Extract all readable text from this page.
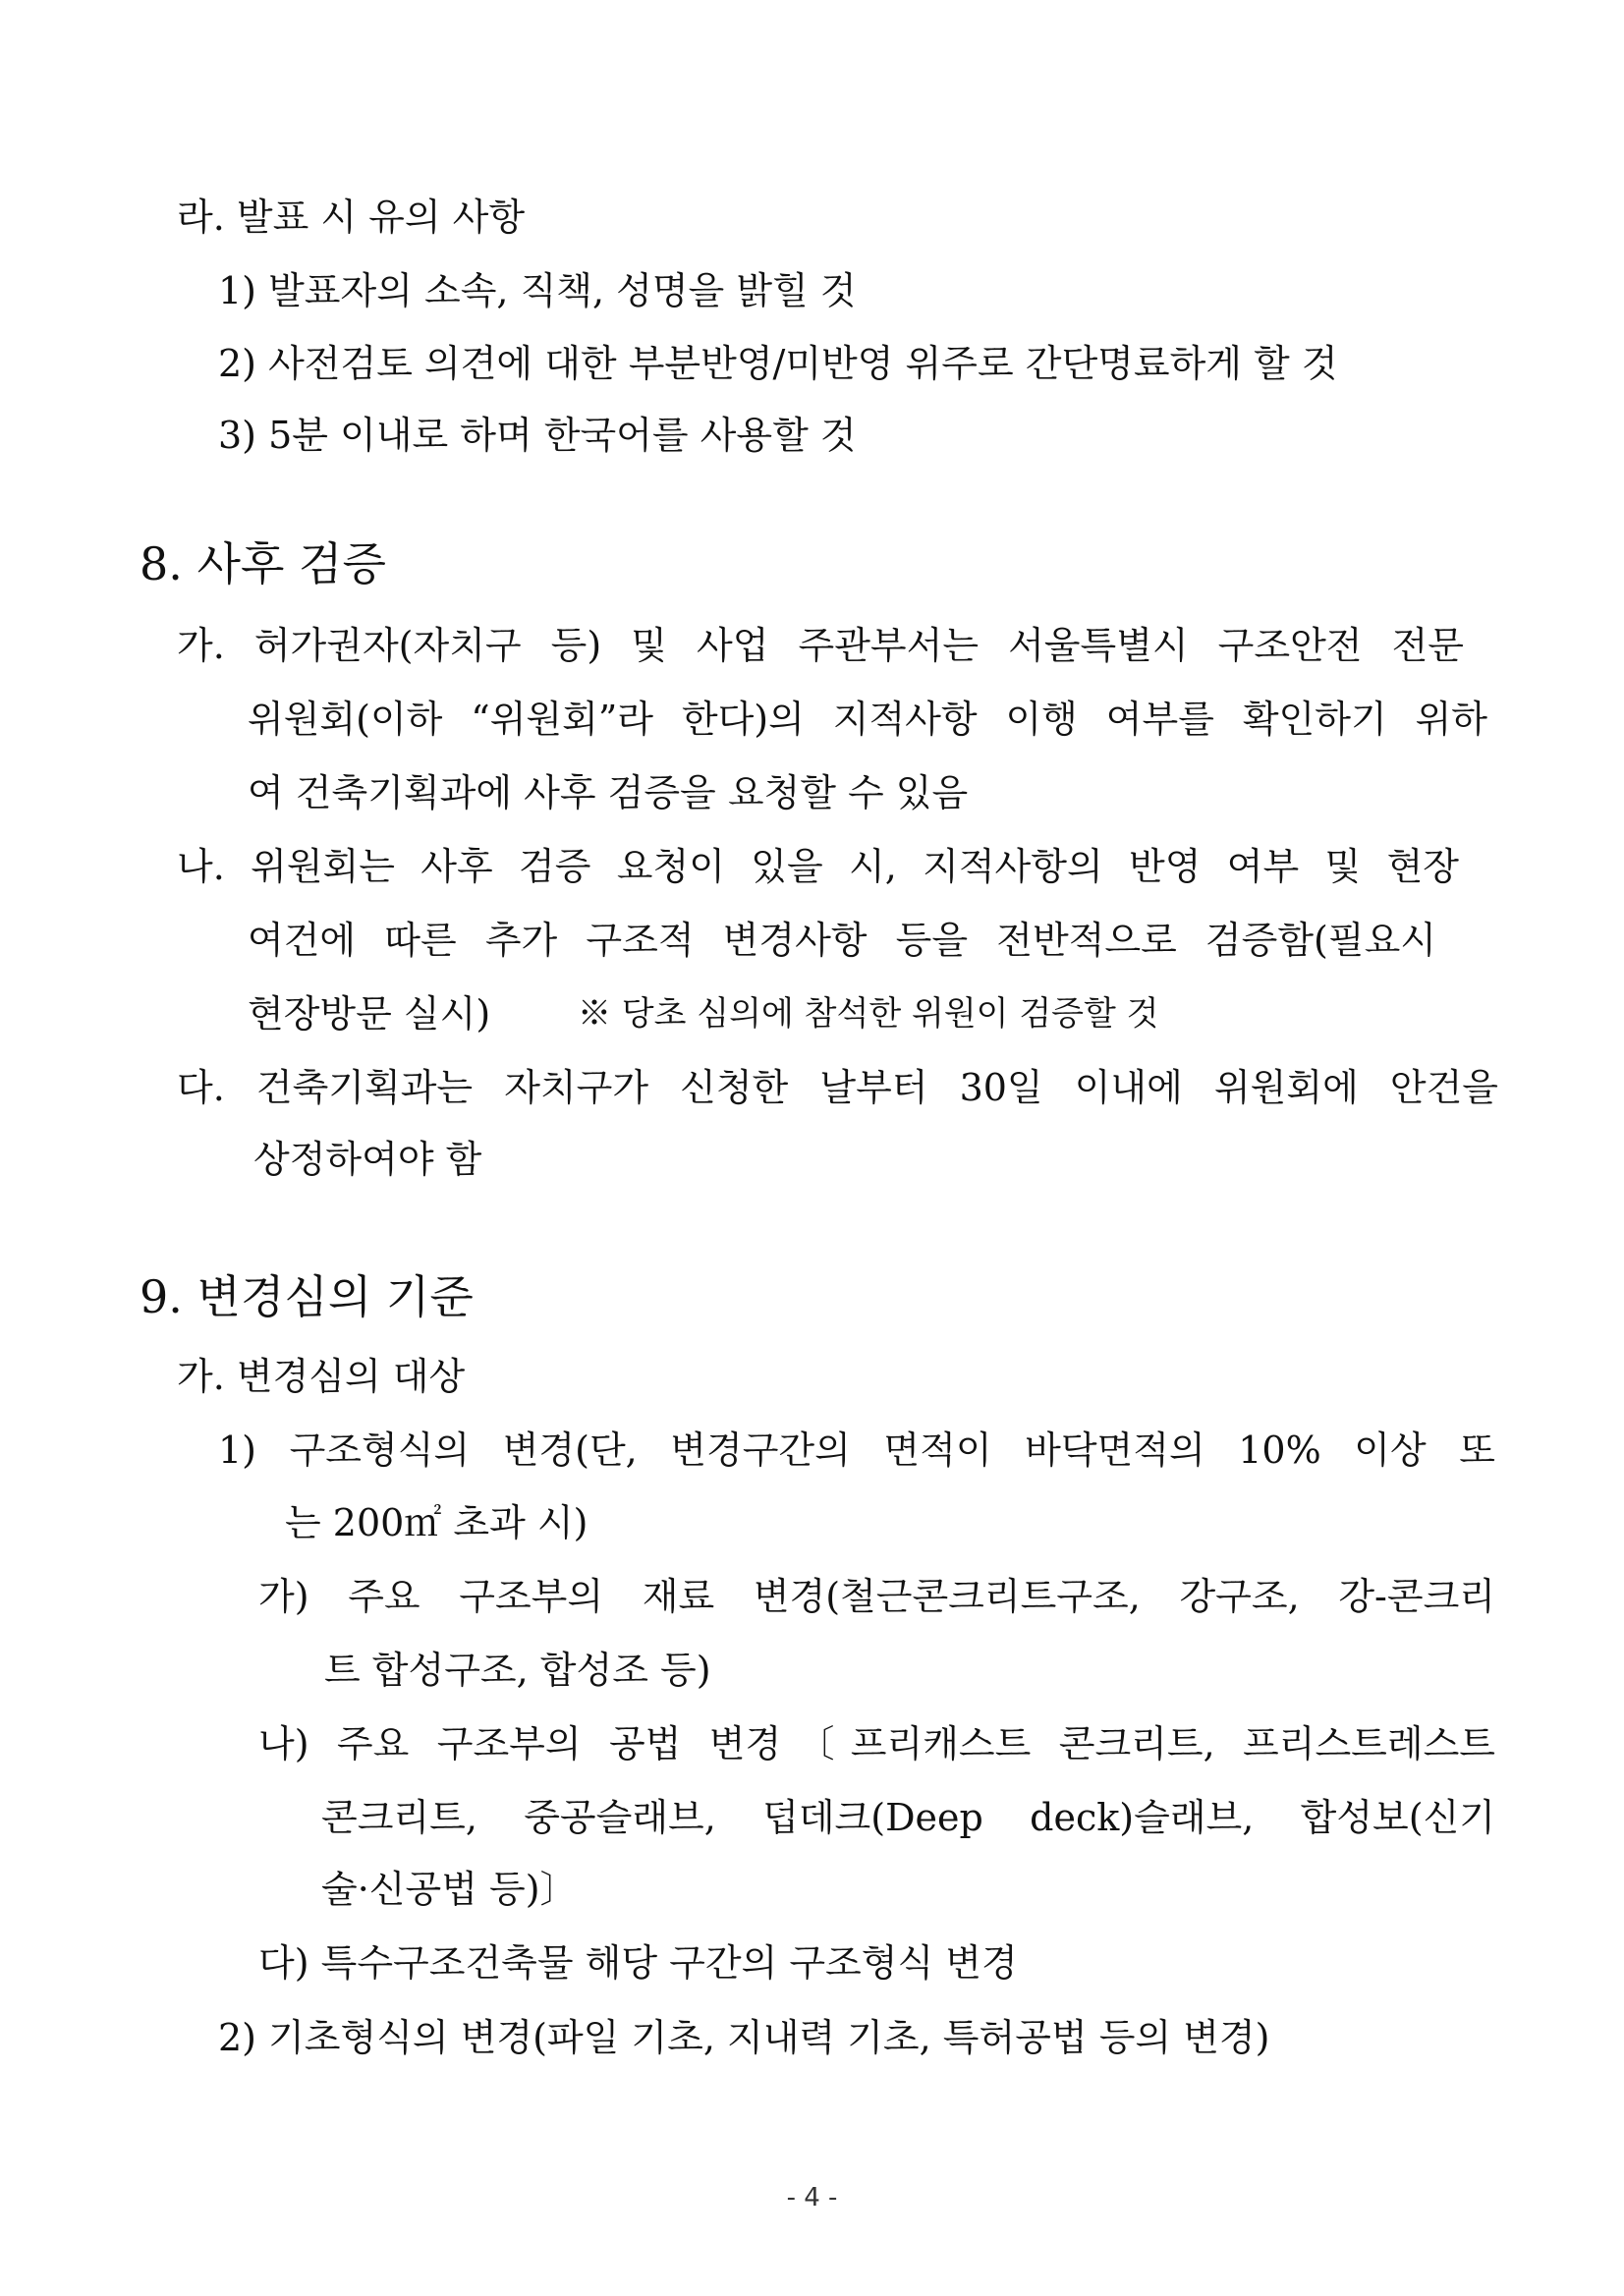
라. 발표 시 유의 사항
1) 발표자의 소속, 직책, 성명을 밝힐 것
2) 사전검토 의견에 대한 부분반영/미반영 위주로 간단명료하게 할 것
3) 5분 이내로 하며 한국어를 사용할 것
8. 사후 검증
가. 허가권자(자치구 등) 및 사업 주관부서는 서울특별시 구조안전 전문
위원회(이하 “위원회”라 한다)의 지적사항 이행 여부를 확인하기 위하
여 건축기획과에 사후 검증을 요청할 수 있음
나. 위원회는 사후 검증 요청이 있을 시, 지적사항의 반영 여부 및 현장
여건에 따른 추가 구조적 변경사항 등을 전반적으로 검증함(필요시
현장방문 실시)	※ 당초 심의에 참석한 위원이 검증할 것
다. 건축기획과는 자치구가 신청한 날부터 30일 이내에 위원회에 안건을
상정하여야 함
9. 변경심의 기준
가. 변경심의 대상
1) 구조형식의 변경(단, 변경구간의 면적이 바닥면적의 10% 이상 또
는 200㎡ 초과 시)
가) 주요 구조부의 재료 변경(철근콘크리트구조, 강구조, 강-콘크리
트 합성구조, 합성조 등)
나) 주요 구조부의 공법 변경〔프리캐스트 콘크리트, 프리스트레스트
콘크리트, 중공슬래브, 덥데크(Deep deck)슬래브, 합성보(신기
술·신공법 등)〕
다) 특수구조건축물 해당 구간의 구조형식 변경
2) 기초형식의 변경(파일 기초, 지내력 기초, 특허공법 등의 변경)
- 4 -
